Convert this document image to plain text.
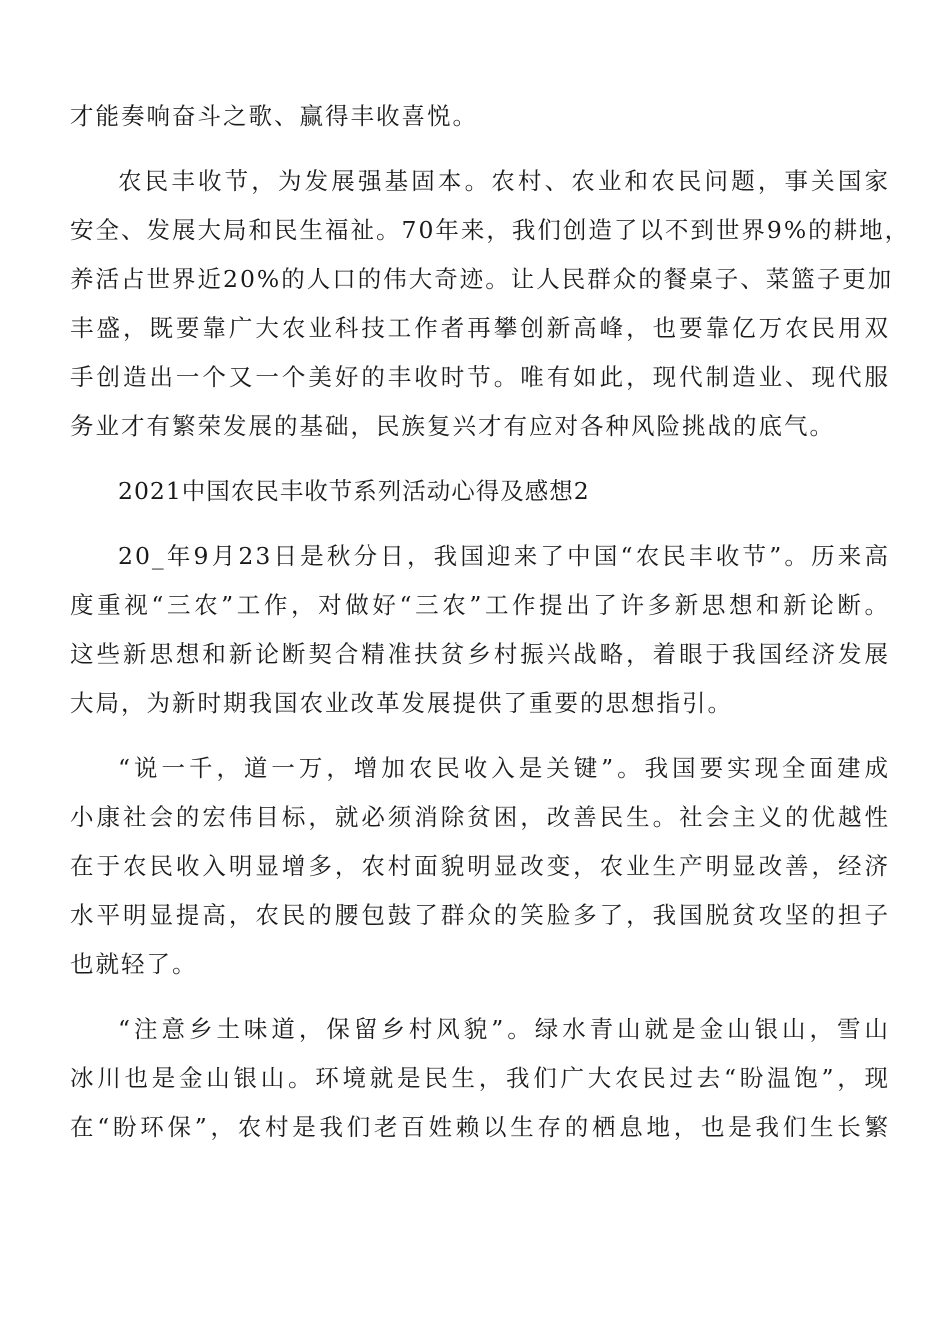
才能奏响奋斗之歌、赢得丰收喜悦。
农民丰收节，为发展强基固本。农村、农业和农民问题，事关国家
安全、发展大局和民生福祉。70年来，我们创造了以不到世界9%的耕地，
养活占世界近20%的人口的伟大奇迹。让人民群众的餐桌子、菜篮子更加
丰盛，既要靠广大农业科技工作者再攀创新高峰，也要靠亿万农民用双
手创造出一个又一个美好的丰收时节。唯有如此，现代制造业、现代服
务业才有繁荣发展的基础，民族复兴才有应对各种风险挑战的底气。
2021中国农民丰收节系列活动心得及感想2
20_年9月23日是秋分日，我国迎来了中国“农民丰收节”。历来高
度重视“三农”工作，对做好“三农”工作提出了许多新思想和新论断。
这些新思想和新论断契合精准扶贫乡村振兴战略，着眼于我国经济发展
大局，为新时期我国农业改革发展提供了重要的思想指引。
“说一千，道一万，增加农民收入是关键”。我国要实现全面建成
小康社会的宏伟目标，就必须消除贫困，改善民生。社会主义的优越性
在于农民收入明显增多，农村面貌明显改变，农业生产明显改善，经济
水平明显提高，农民的腰包鼓了群众的笑脸多了，我国脱贫攻坚的担子
也就轻了。
“注意乡土味道，保留乡村风貌”。绿水青山就是金山银山，雪山
冰川也是金山银山。环境就是民生，我们广大农民过去“盼温饱”，现
在“盼环保”，农村是我们老百姓赖以生存的栖息地，也是我们生长繁
